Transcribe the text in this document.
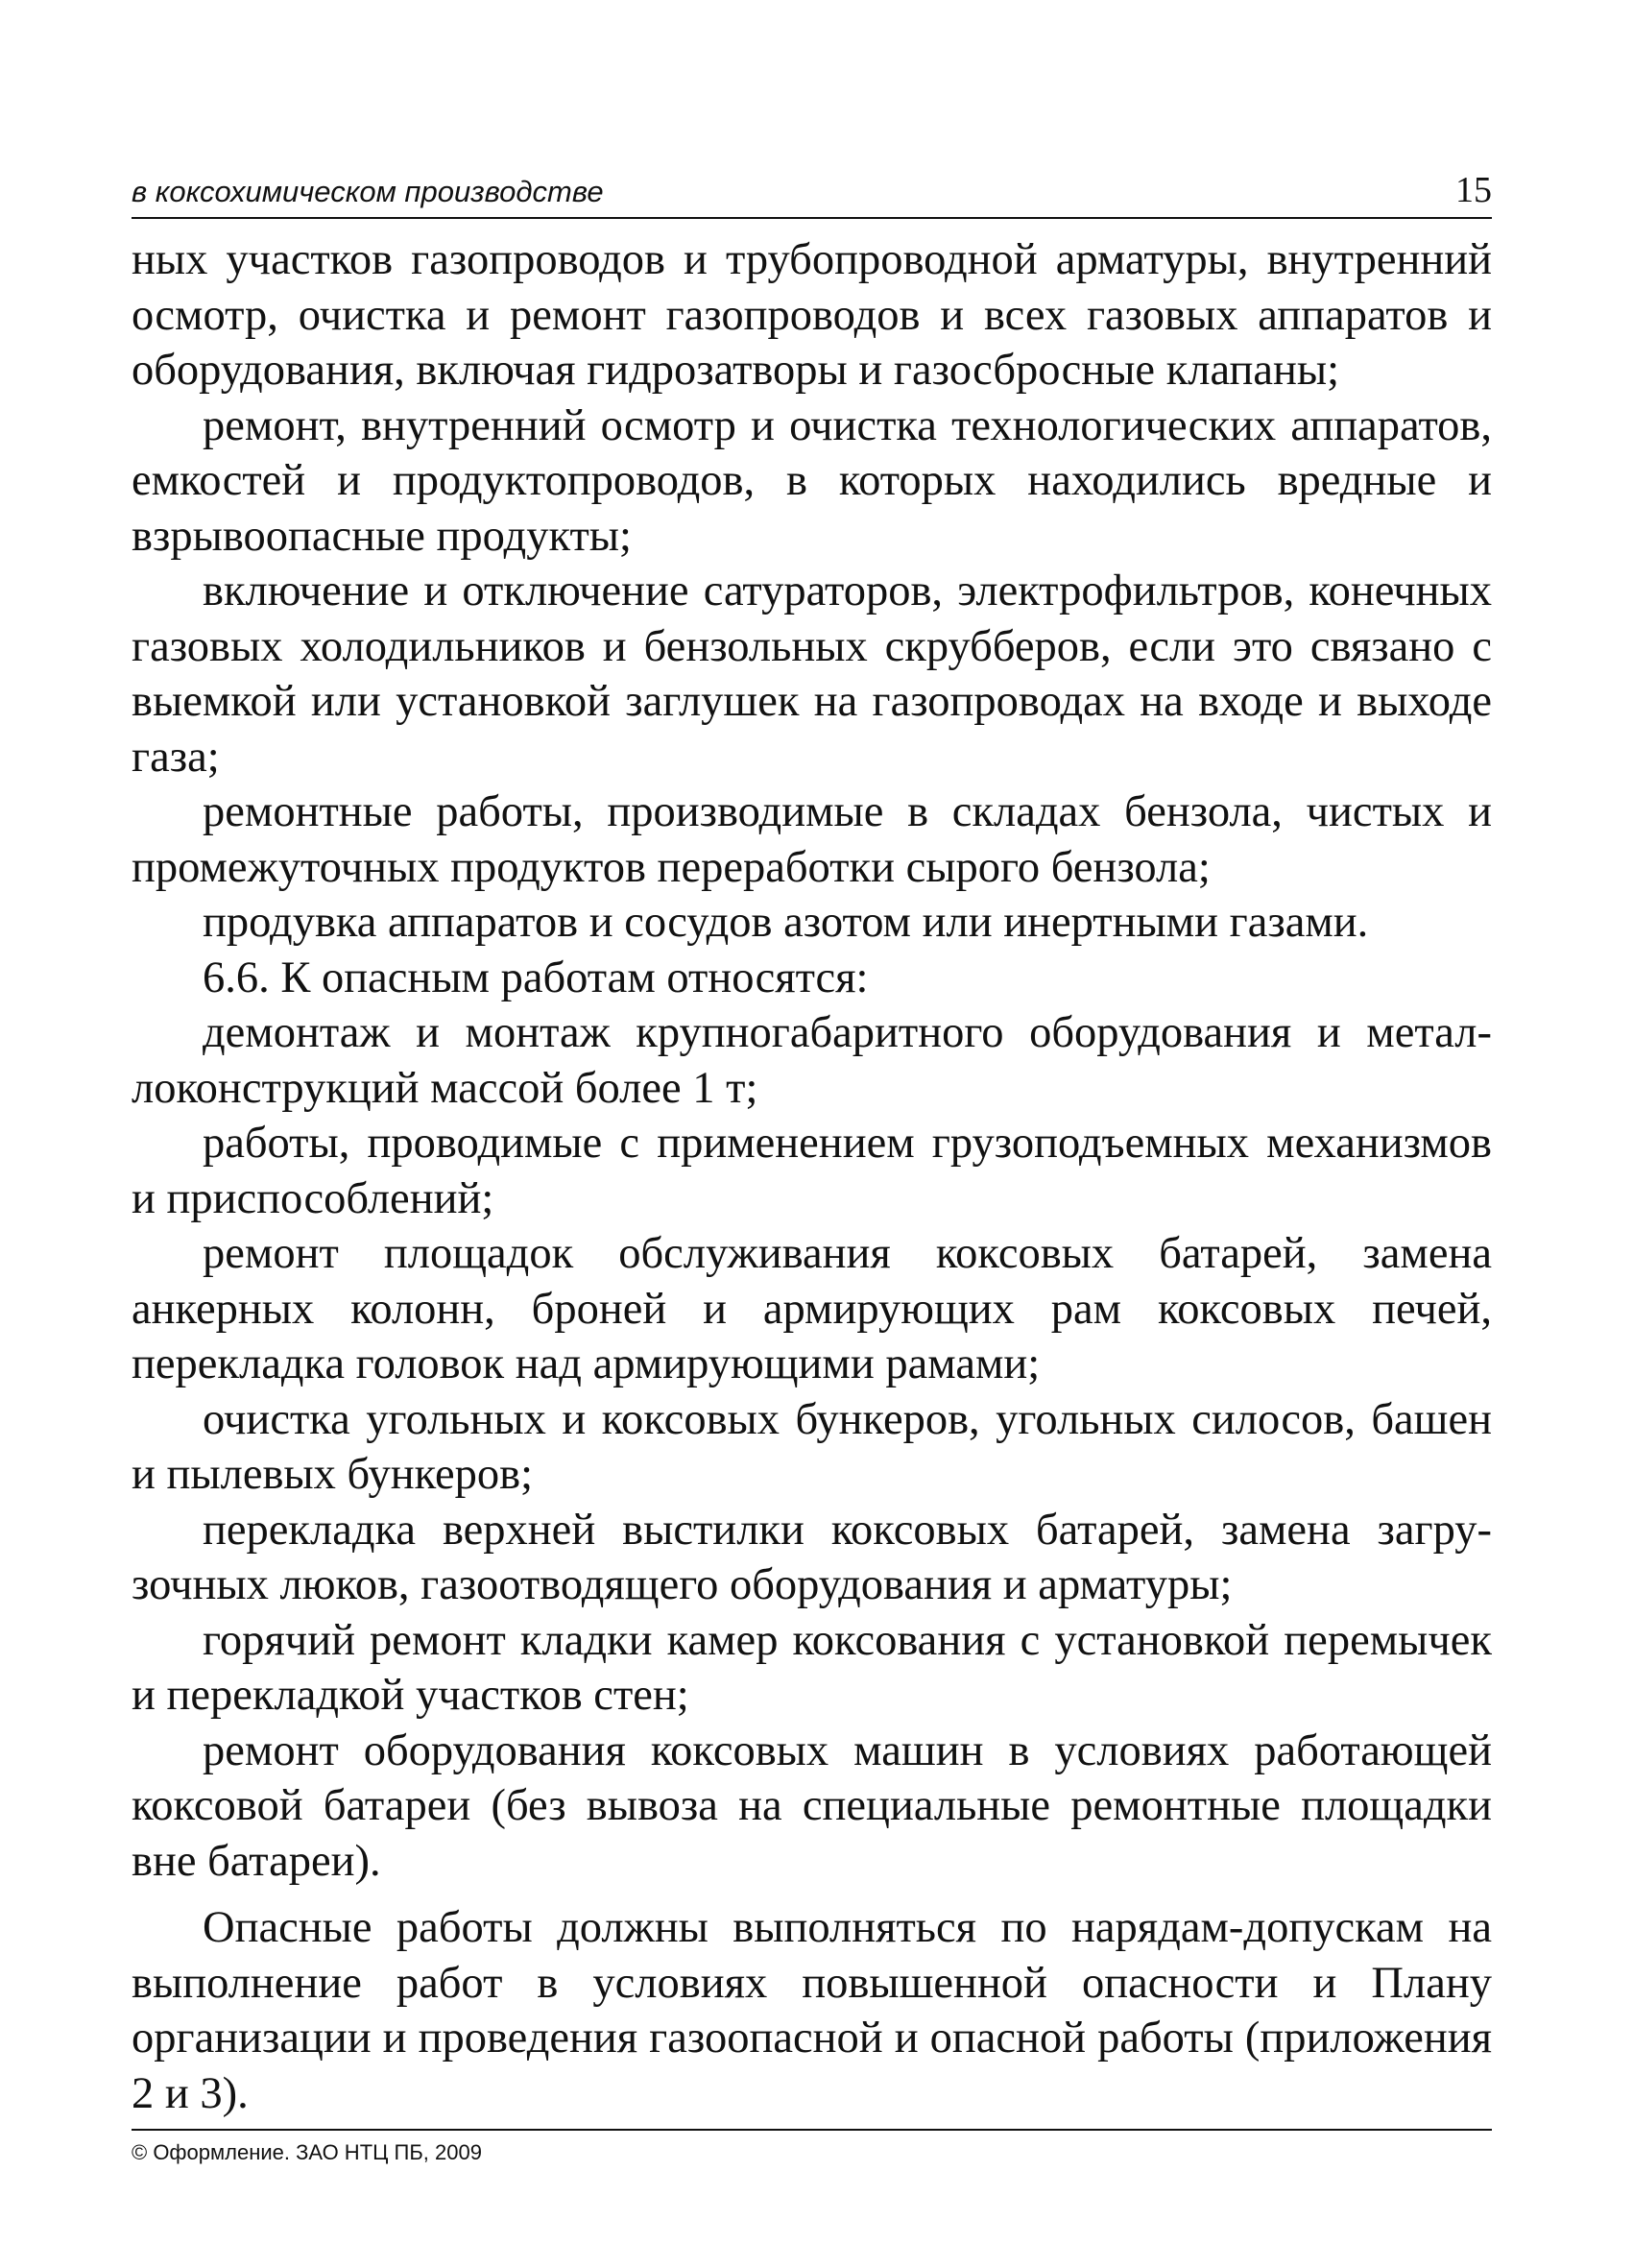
в коксохимическом производстве	15

ных участков газопроводов и трубопроводной арматуры, внутренний осмотр, очистка и ремонт газопроводов и всех газовых аппаратов и оборудования, включая гидрозатворы и газосбросные клапаны;

ремонт, внутренний осмотр и очистка технологических аппаратов, емкостей и продуктопроводов, в которых находились вредные и взрывоопасные продукты;

включение и отключение сатураторов, электрофильтров, конечных газовых холодильников и бензольных скрубберов, если это связано с выемкой или установкой заглушек на газопроводах на входе и выходе газа;

ремонтные работы, производимые в складах бензола, чистых и промежуточных продуктов переработки сырого бензола;

продувка аппаратов и сосудов азотом или инертными газами.

6.6. К опасным работам относятся:

демонтаж и монтаж крупногабаритного оборудования и металлоконструкций массой более 1 т;

работы, проводимые с применением грузоподъемных механизмов и приспособлений;

ремонт площадок обслуживания коксовых батарей, замена анкерных колонн, броней и армирующих рам коксовых печей, перекладка головок над армирующими рамами;

очистка угольных и коксовых бункеров, угольных силосов, башен и пылевых бункеров;

перекладка верхней выстилки коксовых батарей, замена загрузочных люков, газоотводящего оборудования и арматуры;

горячий ремонт кладки камер коксования с установкой перемычек и перекладкой участков стен;

ремонт оборудования коксовых машин в условиях работающей коксовой батареи (без вывоза на специальные ремонтные площадки вне батареи).

Опасные работы должны выполняться по нарядам-допускам на выполнение работ в условиях повышенной опасности и Плану организации и проведения газоопасной и опасной работы (приложения 2 и 3).

© Оформление. ЗАО НТЦ ПБ, 2009
